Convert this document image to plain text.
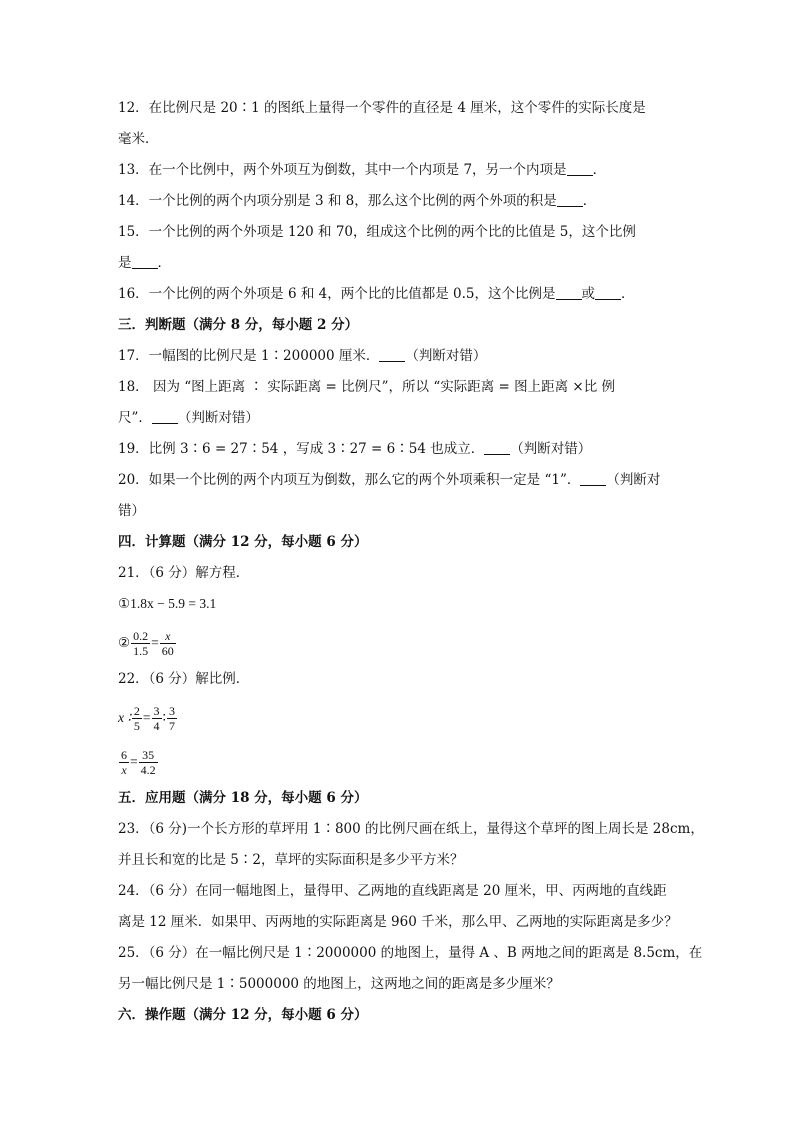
12．在比例尺是 20∶1 的图纸上量得一个零件的直径是 4 厘米，这个零件的实际长度是
毫米．
13．在一个比例中，两个外项互为倒数，其中一个内项是 7，另一个内项是 ．
14．一个比例的两个内项分别是 3 和 8，那么这个比例的两个外项的积是 ．
15．一个比例的两个外项是 120 和 70，组成这个比例的两个比的比值是 5，这个比例
是 ．
16．一个比例的两个外项是 6 和 4，两个比的比值都是 0.5，这个比例是 或 ．
三．判断题（满分 8 分，每小题 2 分）
17．一幅图的比例尺是 1∶200000 厘米． （判断对错）
18． 因为 “图上距离 ∶ 实际距离 = 比例尺”，所以 “实际距离 = 图上距离 ×比 例
尺”． （判断对错）
19．比例 3∶6 = 27∶54 ，写成 3∶27 = 6∶54 也成立． （判断对错）
20．如果一个比例的两个内项互为倒数，那么它的两个外项乘积一定是 “1”． （判断对
错）
四．计算题（满分 12 分，每小题 6 分）
21．（6 分）解方程．
①1.8x − 5.9 = 3.1
② $\frac{0.2}{1.5} = \frac{x}{60}$
22．（6 分）解比例．
x ∶ $\frac{2}{5} = \frac{3}{4}$ ∶ $\frac{3}{7}$
$\frac{6}{x} = \frac{35}{4.2}$
五．应用题（满分 18 分，每小题 6 分）
23．（6 分)一个长方形的草坪用 1∶800 的比例尺画在纸上，量得这个草坪的图上周长是 28cm，
并且长和宽的比是 5∶2，草坪的实际面积是多少平方米？
24．（6 分）在同一幅地图上，量得甲、乙两地的直线距离是 20 厘米，甲、丙两地的直线距
离是 12 厘米．如果甲、丙两地的实际距离是 960 千米，那么甲、乙两地的实际距离是多少？
25．（6 分）在一幅比例尺是 1∶2000000 的地图上，量得 A 、B 两地之间的距离是 8.5cm，在
另一幅比例尺是 1∶5000000 的地图上，这两地之间的距离是多少厘米？
六．操作题（满分 12 分，每小题 6 分）
